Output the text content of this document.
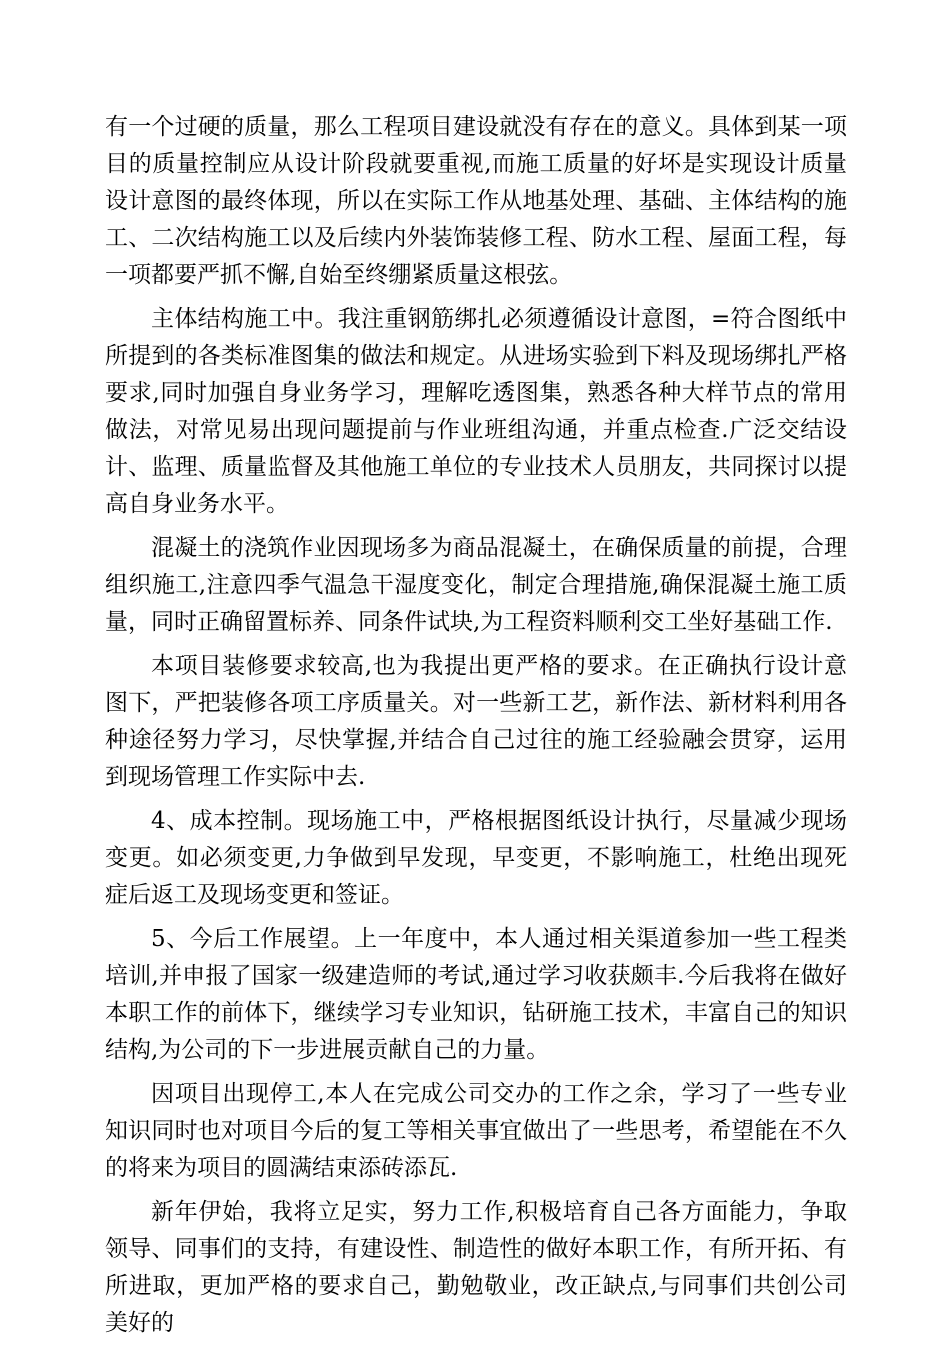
有一个过硬的质量，那么工程项目建设就没有存在的意义。具体到某一项目的质量控制应从设计阶段就要重视,而施工质量的好坏是实现设计质量设计意图的最终体现，所以在实际工作从地基处理、基础、主体结构的施工、二次结构施工以及后续内外装饰装修工程、防水工程、屋面工程，每一项都要严抓不懈,自始至终绷紧质量这根弦。

主体结构施工中。我注重钢筋绑扎必须遵循设计意图，=符合图纸中所提到的各类标准图集的做法和规定。从进场实验到下料及现场绑扎严格要求,同时加强自身业务学习，理解吃透图集，熟悉各种大样节点的常用做法，对常见易出现问题提前与作业班组沟通，并重点检查.广泛交结设计、监理、质量监督及其他施工单位的专业技术人员朋友，共同探讨以提高自身业务水平。

混凝土的浇筑作业因现场多为商品混凝土，在确保质量的前提，合理组织施工,注意四季气温急干湿度变化，制定合理措施,确保混凝土施工质量，同时正确留置标养、同条件试块,为工程资料顺利交工坐好基础工作.

本项目装修要求较高,也为我提出更严格的要求。在正确执行设计意图下，严把装修各项工序质量关。对一些新工艺，新作法、新材料利用各种途径努力学习，尽快掌握,并结合自己过往的施工经验融会贯穿，运用到现场管理工作实际中去.

4、成本控制。现场施工中，严格根据图纸设计执行，尽量减少现场变更。如必须变更,力争做到早发现，早变更，不影响施工，杜绝出现死症后返工及现场变更和签证。

5、今后工作展望。上一年度中，本人通过相关渠道参加一些工程类培训,并申报了国家一级建造师的考试,通过学习收获颇丰.今后我将在做好本职工作的前体下，继续学习专业知识，钻研施工技术，丰富自己的知识结构,为公司的下一步进展贡献自己的力量。

因项目出现停工,本人在完成公司交办的工作之余，学习了一些专业知识同时也对项目今后的复工等相关事宜做出了一些思考，希望能在不久的将来为项目的圆满结束添砖添瓦.

新年伊始，我将立足实，努力工作,积极培育自己各方面能力，争取领导、同事们的支持，有建设性、制造性的做好本职工作，有所开拓、有所进取，更加严格的要求自己，勤勉敬业，改正缺点,与同事们共创公司美好的
